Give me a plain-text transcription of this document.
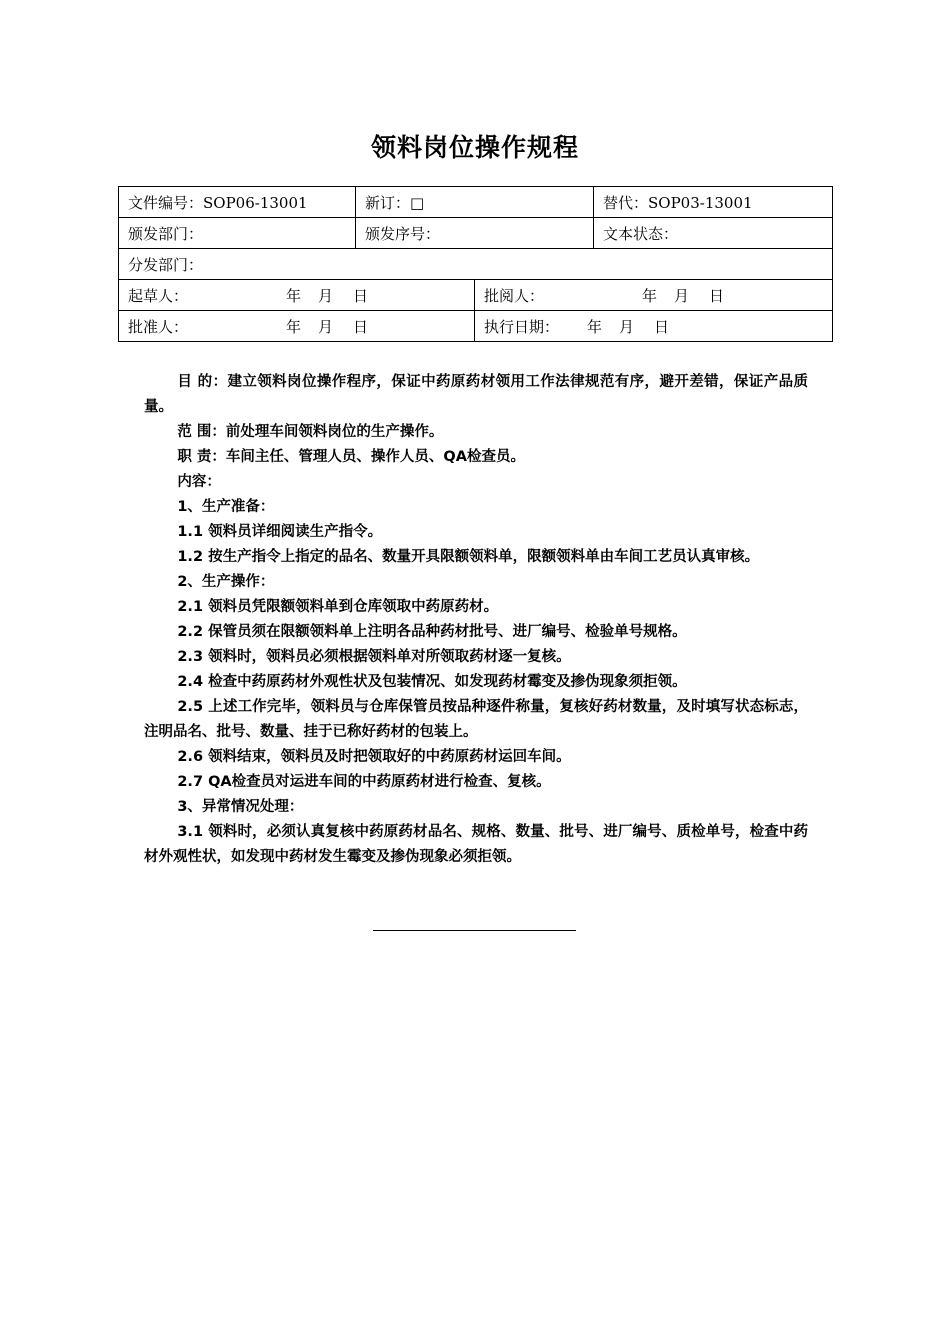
领料岗位操作规程
文件编号：SOP06-13001	新订：□		替代：SOP03-13001
颁发部门：	颁发序号：		文本状态：
分发部门：			
起草人： 年 月 日		批阅人： 年 月 日	
批准人： 年 月 日		执行日期： 年 月 日	

目 的：建立领料岗位操作程序，保证中药原药材领用工作法律规范有序，避开差错，保证产品质量。

范 围：前处理车间领料岗位的生产操作。

职 责：车间主任、管理人员、操作人员、QA检查员。

内容：

1、生产准备：

1.1 领料员详细阅读生产指令。

1.2 按生产指令上指定的品名、数量开具限额领料单，限额领料单由车间工艺员认真审核。

2、生产操作：

2.1 领料员凭限额领料单到仓库领取中药原药材。

2.2 保管员须在限额领料单上注明各品种药材批号、进厂编号、检验单号规格。

2.3 领料时，领料员必须根据领料单对所领取药材逐一复核。

2.4 检查中药原药材外观性状及包装情况、如发现药材霉变及掺伪现象须拒领。

2.5 上述工作完毕，领料员与仓库保管员按品种逐件称量，复核好药材数量，及时填写状态标志，注明品名、批号、数量、挂于已称好药材的包装上。

2.6 领料结束，领料员及时把领取好的中药原药材运回车间。

2.7 QA检查员对运进车间的中药原药材进行检查、复核。

3、异常情况处理：

3.1 领料时，必须认真复核中药原药材品名、规格、数量、批号、进厂编号、质检单号，检查中药材外观性状，如发现中药材发生霉变及掺伪现象必须拒领。
